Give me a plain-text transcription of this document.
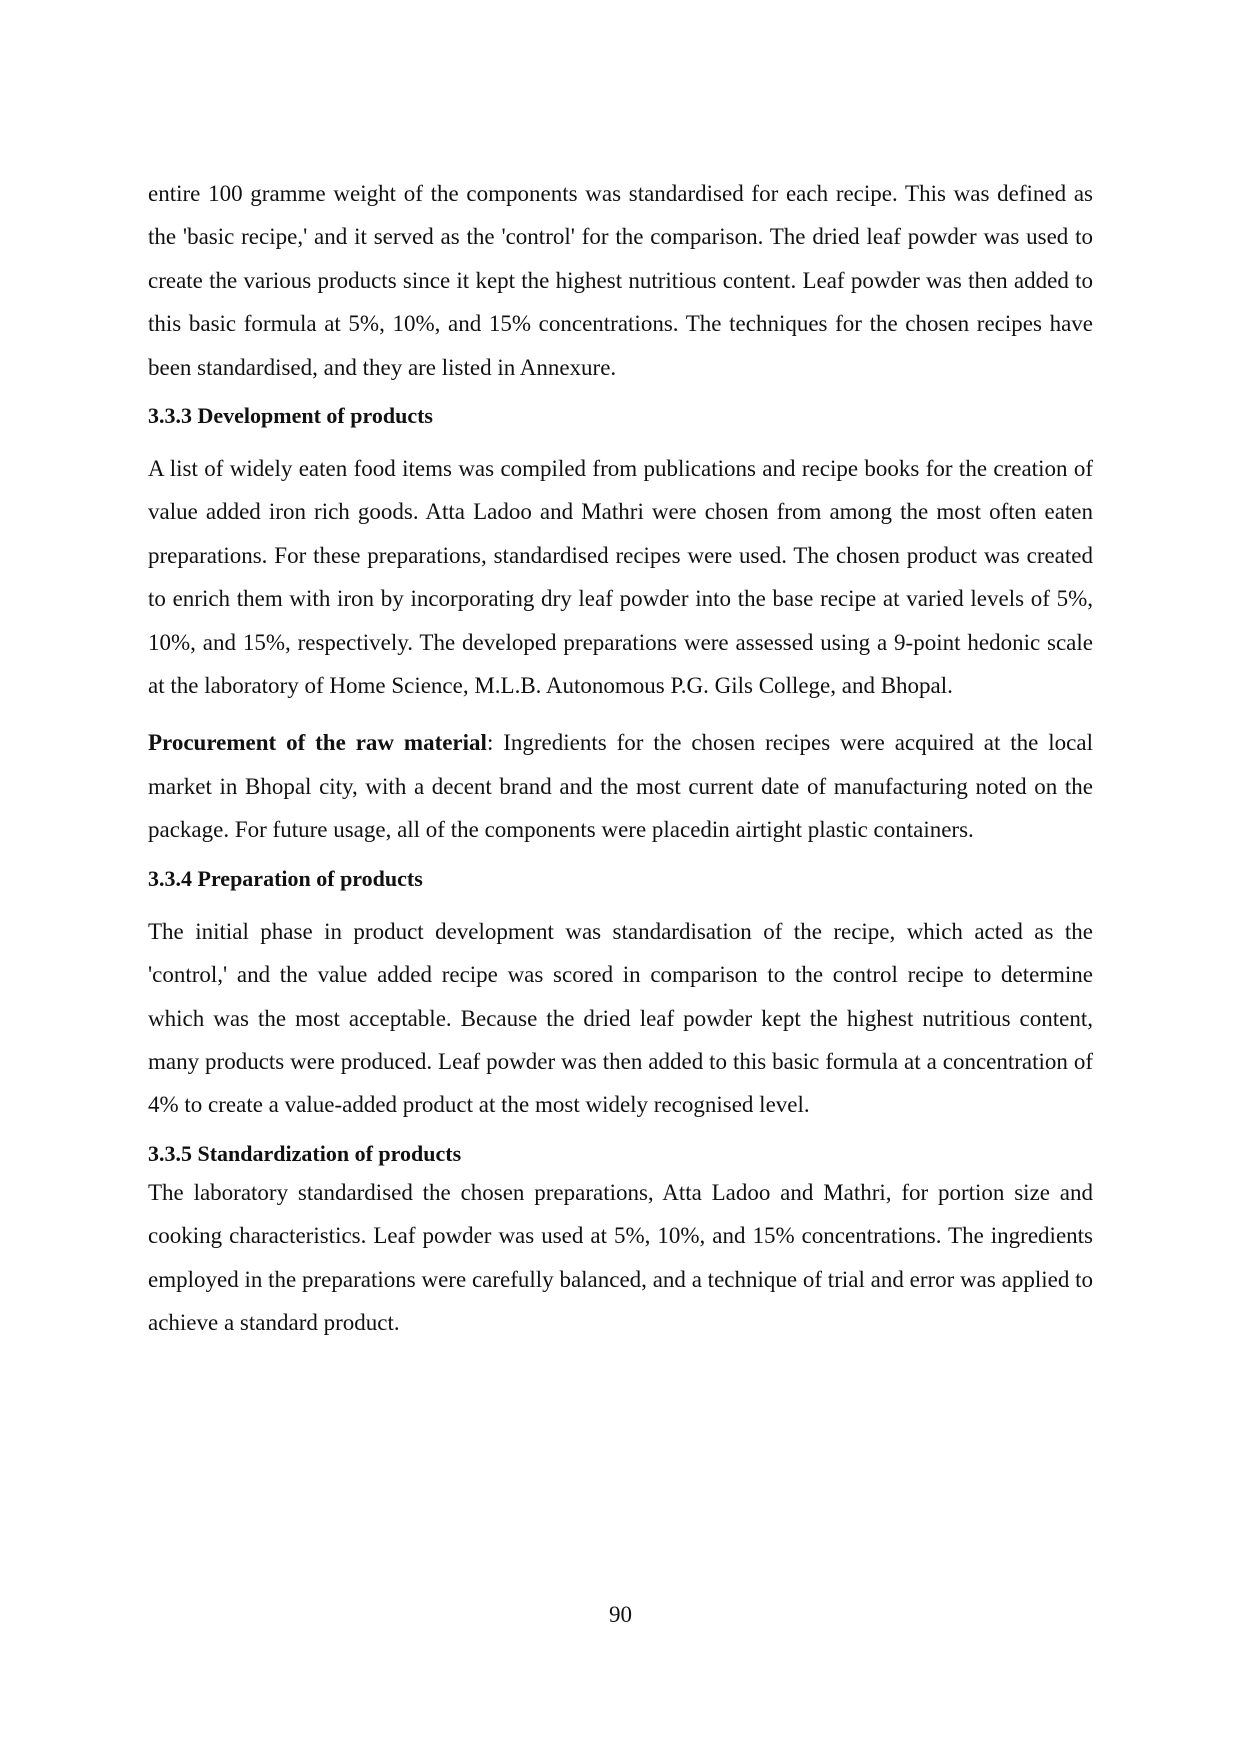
entire 100 gramme weight of the components was standardised for each recipe. This was defined as the 'basic recipe,' and it served as the 'control' for the comparison. The dried leaf powder was used to create the various products since it kept the highest nutritious content. Leaf powder was then added to this basic formula at 5%, 10%, and 15% concentrations. The techniques for the chosen recipes have been standardised, and they are listed in Annexure.

3.3.3 Development of products

A list of widely eaten food items was compiled from publications and recipe books for the creation of value added iron rich goods. Atta Ladoo and Mathri were chosen from among the most often eaten preparations. For these preparations, standardised recipes were used. The chosen product was created to enrich them with iron by incorporating dry leaf powder into the base recipe at varied levels of 5%, 10%, and 15%, respectively. The developed preparations were assessed using a 9-point hedonic scale at the laboratory of Home Science, M.L.B. Autonomous P.G. Gils College, and Bhopal.

Procurement of the raw material: Ingredients for the chosen recipes were acquired at the local market in Bhopal city, with a decent brand and the most current date of manufacturing noted on the package. For future usage, all of the components were placedin airtight plastic containers.

3.3.4 Preparation of products

The initial phase in product development was standardisation of the recipe, which acted as the 'control,' and the value added recipe was scored in comparison to the control recipe to determine which was the most acceptable. Because the dried leaf powder kept the highest nutritious content, many products were produced. Leaf powder was then added to this basic formula at a concentration of 4% to create a value-added product at the most widely recognised level.

3.3.5 Standardization of products

The laboratory standardised the chosen preparations, Atta Ladoo and Mathri, for portion size and cooking characteristics. Leaf powder was used at 5%, 10%, and 15% concentrations. The ingredients employed in the preparations were carefully balanced, and a technique of trial and error was applied to achieve a standard product.

90
